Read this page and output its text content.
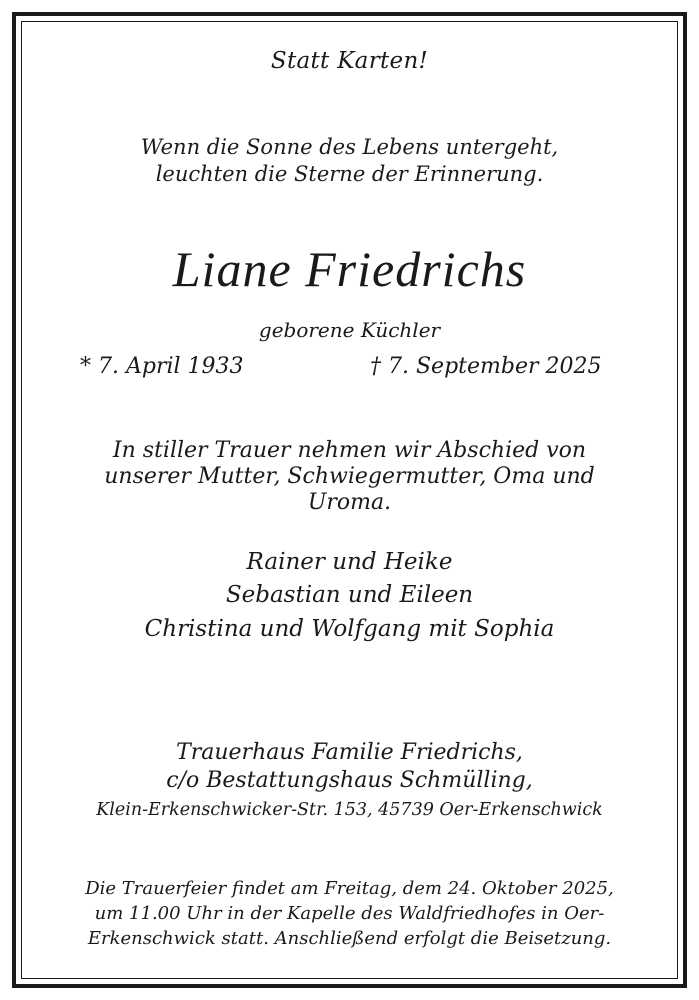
Statt Karten!
Wenn die Sonne des Lebens untergeht,
leuchten die Sterne der Erinnerung.
Liane Friedrichs
geborene Küchler
* 7. April 1933	† 7. September 2025
In stiller Trauer nehmen wir Abschied von
unserer Mutter, Schwiegermutter, Oma und
Uroma.
Rainer und Heike
Sebastian und Eileen
Christina und Wolfgang mit Sophia
Trauerhaus Familie Friedrichs,
c/o Bestattungshaus Schmülling,
Klein-Erkenschwicker-Str. 153, 45739 Oer-Erkenschwick
Die Trauerfeier findet am Freitag, dem 24. Oktober 2025,
um 11.00 Uhr in der Kapelle des Waldfriedhofes in Oer-
Erkenschwick statt. Anschließend erfolgt die Beisetzung.
